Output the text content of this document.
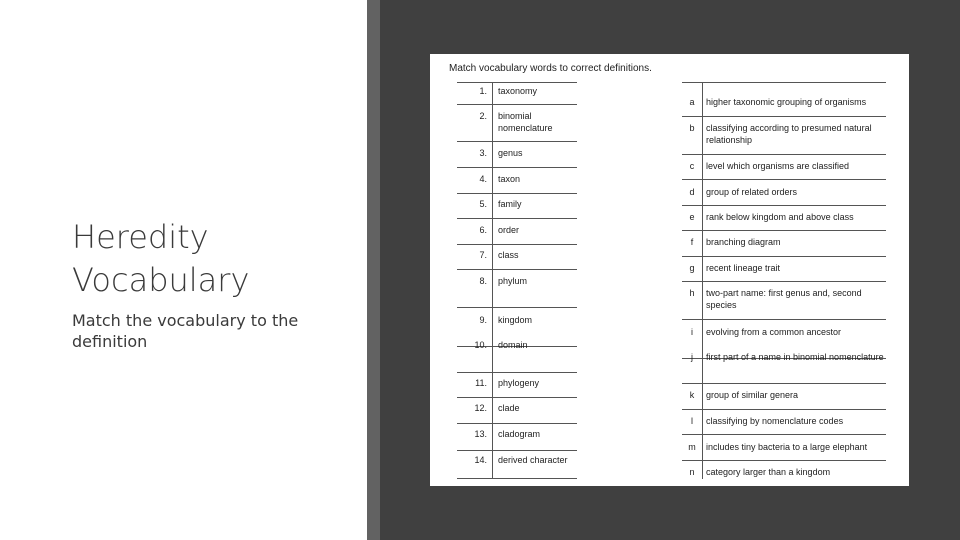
Heredity Vocabulary
Match the vocabulary to the definition
Match vocabulary words to correct definitions.
1. taxonomy
2. binomial nomenclature
3. genus
4. taxon
5. family
6. order
7. class
8. phylum
9. kingdom
10. domain
11. phylogeny
12. clade
13. cladogram
14. derived character
a	higher taxonomic grouping of organisms
b	classifying according to presumed natural relationship
c	level which organisms are classified
d	group of related orders
e	rank below kingdom and above class
f	branching diagram
g	recent lineage trait
h	two-part name: first genus and, second species
i	evolving from a common ancestor
j	first part of a name in binomial nomenclature
k	group of similar genera
l	classifying by nomenclature codes
m includes tiny bacteria to a large elephant
n	category larger than a kingdom
